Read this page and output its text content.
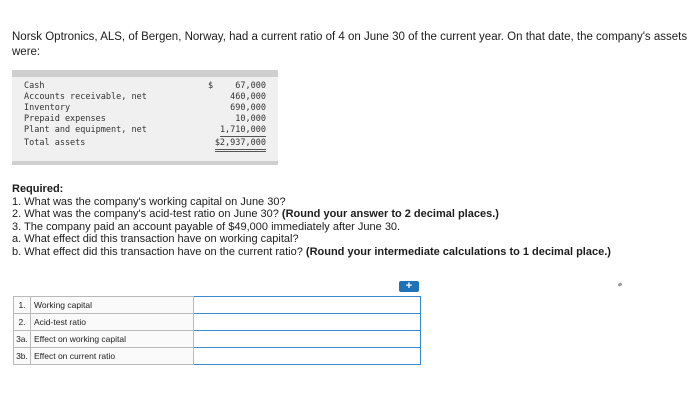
Norsk Optronics, ALS, of Bergen, Norway, had a current ratio of 4 on June 30 of the current year. On that date, the company's assets were:
Cash	$	67,000
Accounts receivable, net	460,000
Inventory	690,000
Prepaid expenses	10,000
Plant and equipment, net	1,710,000
Total assets	$2,937,000
Required:
1. What was the company's working capital on June 30?
2. What was the company's acid-test ratio on June 30? (Round your answer to 2 decimal places.)
3. The company paid an account payable of $49,000 immediately after June 30.
a. What effect did this transaction have on working capital?
b. What effect did this transaction have on the current ratio? (Round your intermediate calculations to 1 decimal place.)
+
1. Working capital	
2. Acid-test ratio	
3a. Effect on working capital	
3b. Effect on current ratio	
